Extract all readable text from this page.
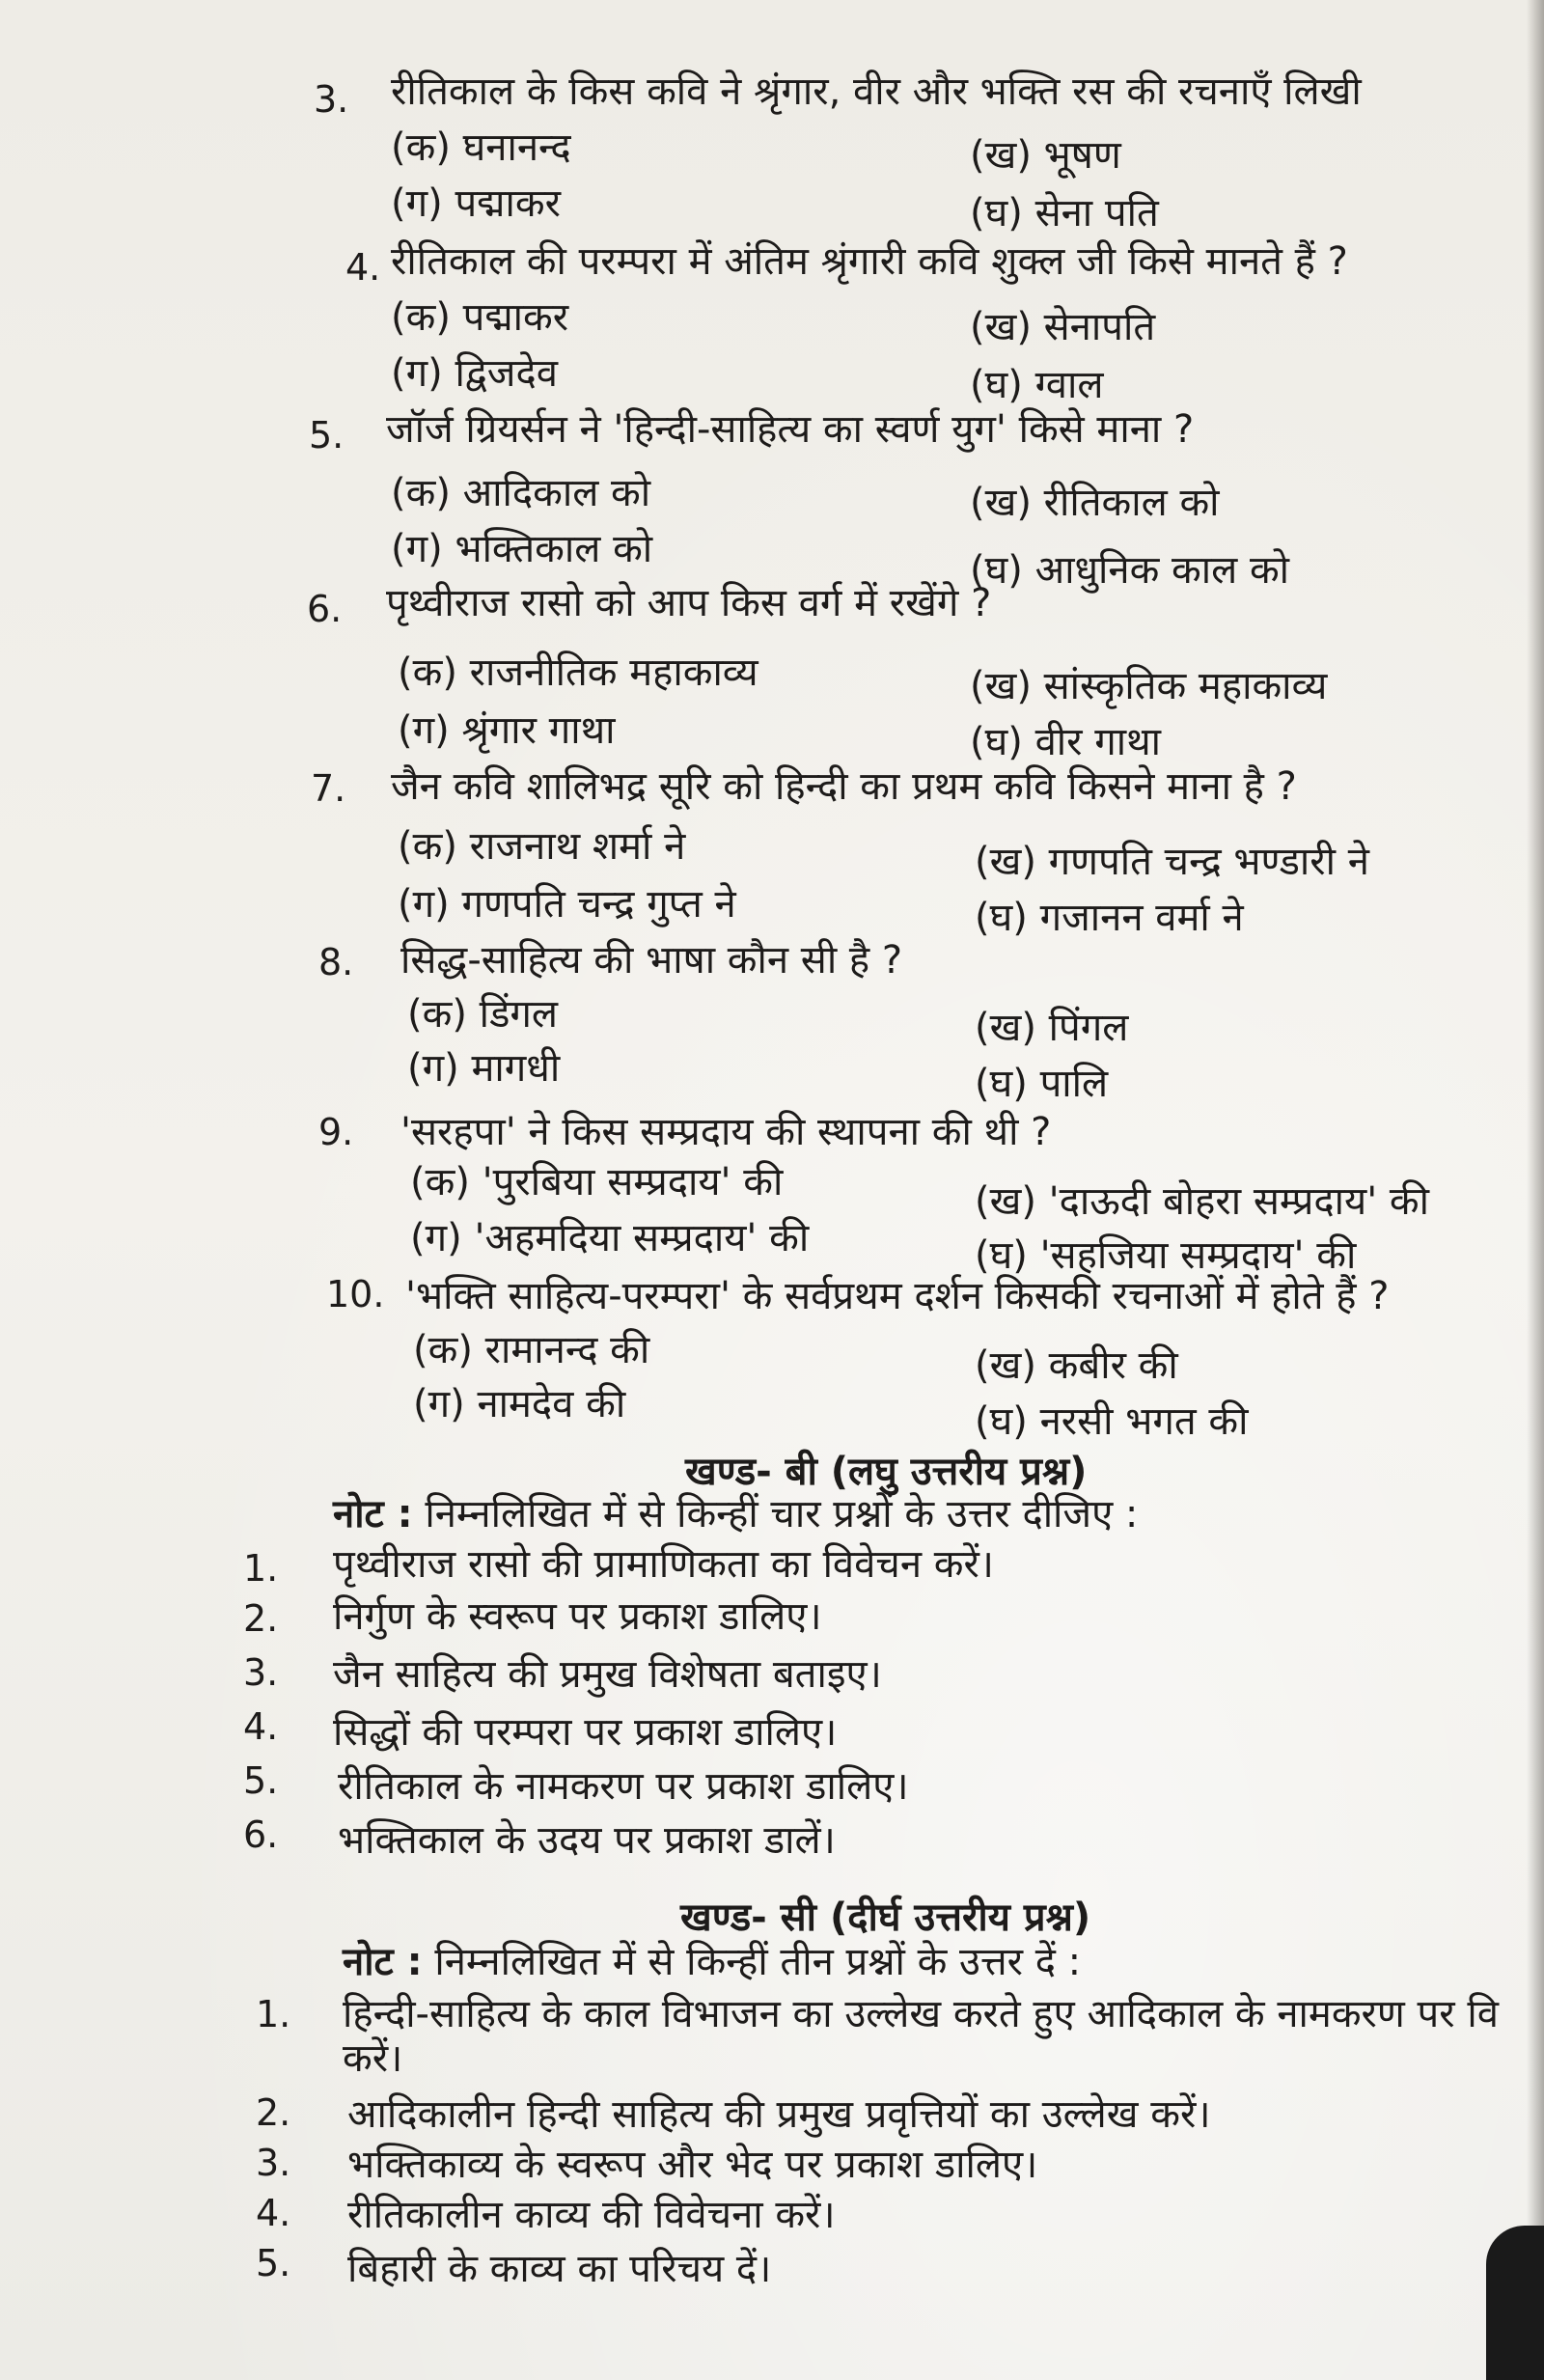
3. रीतिकाल के किस कवि ने श्रृंगार, वीर और भक्ति रस की रचनाएँ लिखी
(क) घनानन्द	(ख) भूषण
(ग) पद्माकर	(घ) सेना पति
4. रीतिकाल की परम्परा में अंतिम श्रृंगारी कवि शुक्ल जी किसे मानते हैं ?
(क) पद्माकर	(ख) सेनापति
(ग) द्विजदेव	(घ) ग्वाल
5. जॉर्ज ग्रियर्सन ने 'हिन्दी-साहित्य का स्वर्ण युग' किसे माना ?
(क) आदिकाल को	(ख) रीतिकाल को
(ग) भक्तिकाल को	(घ) आधुनिक काल को
6. पृथ्वीराज रासो को आप किस वर्ग में रखेंगे ?
(क) राजनीतिक महाकाव्य	(ख) सांस्कृतिक महाकाव्य
(ग) श्रृंगार गाथा	(घ) वीर गाथा
7. जैन कवि शालिभद्र सूरि को हिन्दी का प्रथम कवि किसने माना है ?
(क) राजनाथ शर्मा ने	(ख) गणपति चन्द्र भण्डारी ने
(ग) गणपति चन्द्र गुप्त ने	(घ) गजानन वर्मा ने
8. सिद्ध-साहित्य की भाषा कौन सी है ?
(क) डिंगल	(ख) पिंगल
(ग) मागधी	(घ) पालि
9. 'सरहपा' ने किस सम्प्रदाय की स्थापना की थी ?
(क) 'पुरबिया सम्प्रदाय' की	(ख) 'दाऊदी बोहरा सम्प्रदाय' की
(ग) 'अहमदिया सम्प्रदाय' की	(घ) 'सहजिया सम्प्रदाय' की
10. 'भक्ति साहित्य-परम्परा' के सर्वप्रथम दर्शन किसकी रचनाओं में होते हैं ?
(क) रामानन्द की	(ख) कबीर की
(ग) नामदेव की	(घ) नरसी भगत की
खण्ड- बी (लघु उत्तरीय प्रश्न)
नोट : निम्नलिखित में से किन्हीं चार प्रश्नों के उत्तर दीजिए :
1. पृथ्वीराज रासो की प्रामाणिकता का विवेचन करें।
2. निर्गुण के स्वरूप पर प्रकाश डालिए।
3. जैन साहित्य की प्रमुख विशेषता बताइए।
4. सिद्धों की परम्परा पर प्रकाश डालिए।
5. रीतिकाल के नामकरण पर प्रकाश डालिए।
6. भक्तिकाल के उदय पर प्रकाश डालें।
खण्ड- सी (दीर्घ उत्तरीय प्रश्न)
नोट : निम्नलिखित में से किन्हीं तीन प्रश्नों के उत्तर दें :
1. हिन्दी-साहित्य के काल विभाजन का उल्लेख करते हुए आदिकाल के नामकरण पर वि
करें।
2. आदिकालीन हिन्दी साहित्य की प्रमुख प्रवृत्तियों का उल्लेख करें।
3. भक्तिकाव्य के स्वरूप और भेद पर प्रकाश डालिए।
4. रीतिकालीन काव्य की विवेचना करें।
5. बिहारी के काव्य का परिचय दें।
